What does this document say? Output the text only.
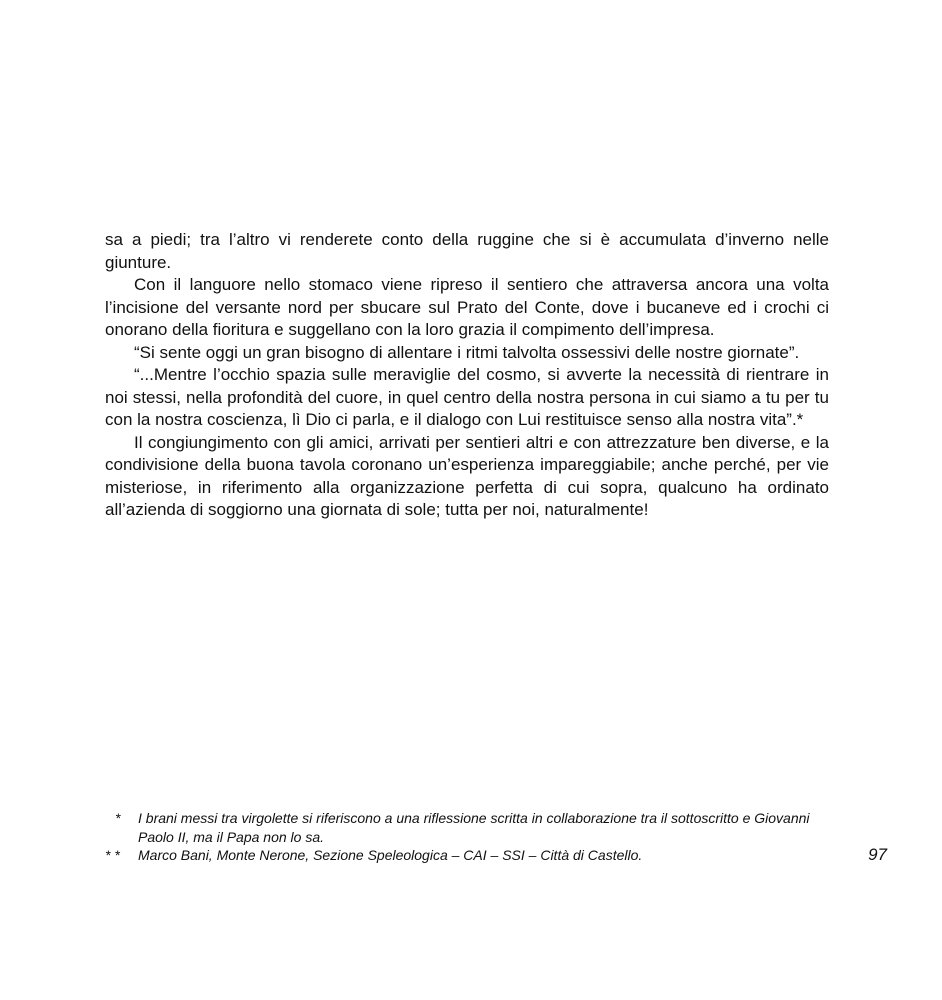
sa a piedi; tra l’altro vi renderete conto della ruggine che si è accumulata d’inverno nelle giunture.

Con il languore nello stomaco viene ripreso il sentiero che attraversa ancora una volta l’incisione del versante nord per sbucare sul Prato del Conte, dove i bucaneve ed i crochi ci onorano della fioritura e suggellano con la loro grazia il compimento dell’impresa.

“Si sente oggi un gran bisogno di allentare i ritmi talvolta ossessivi delle nostre giornate”.

“...Mentre l’occhio spazia sulle meraviglie del cosmo, si avverte la necessità di rientrare in noi stessi, nella profondità del cuore, in quel centro della nostra persona in cui siamo a tu per tu con la nostra coscienza, lì Dio ci parla, e il dialogo con Lui restituisce senso alla nostra vita”.*

Il congiungimento con gli amici, arrivati per sentieri altri e con attrezzature ben diverse, e la condivisione della buona tavola coronano un’esperienza impareggiabile; anche perché, per vie misteriose, in riferimento alla organizzazione perfetta di cui sopra, qualcuno ha ordinato all’azienda di soggiorno una giornata di sole; tutta per noi, naturalmente!

*	I brani messi tra virgolette si riferiscono a una riflessione scritta in collaborazione tra il sottoscritto e Giovanni Paolo II, ma il Papa non lo sa.
* *	Marco Bani, Monte Nerone, Sezione Speleologica – CAI – SSI – Città di Castello.	97
